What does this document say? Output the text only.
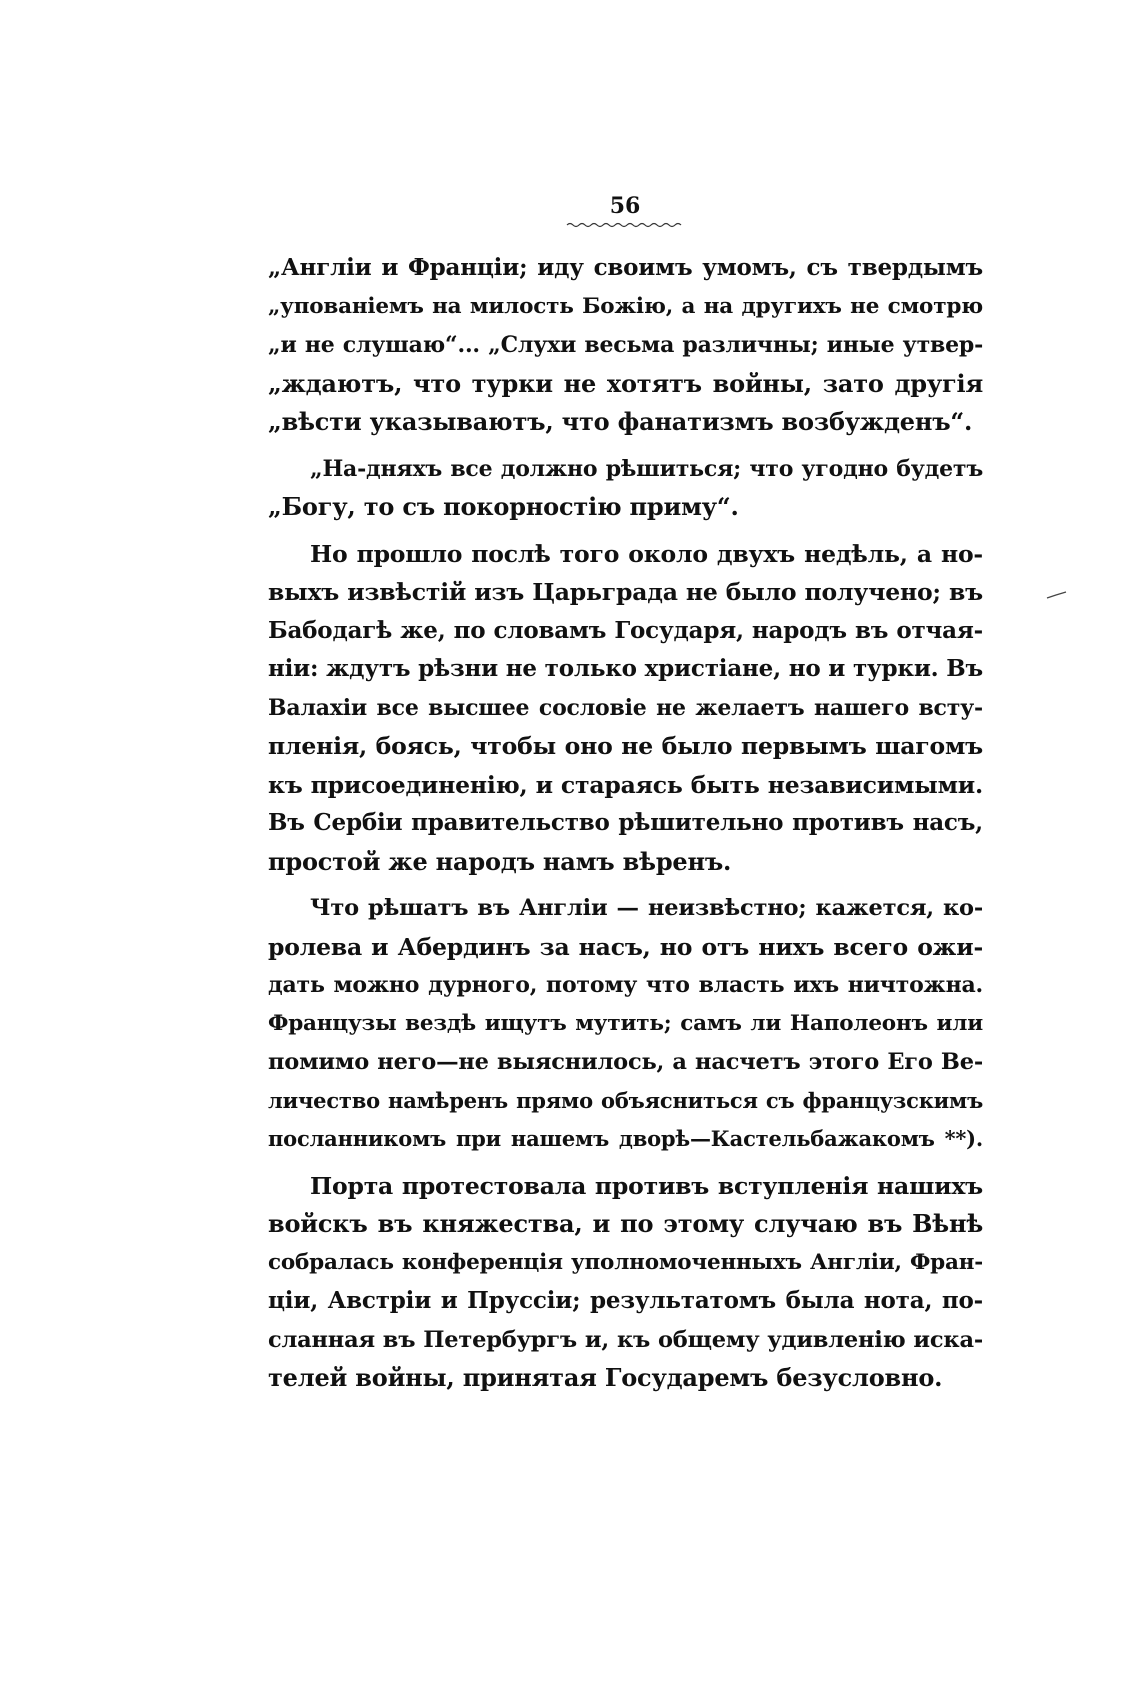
56
„Англіи и Франціи; иду своимъ умомъ, съ твердымъ
„упованіемъ на милость Божію, а на другихъ не смотрю
„и не слушаю“... „Слухи весьма различны; иные утвер-
„ждаютъ, что турки не хотятъ войны, зато другія
„вѣсти указываютъ, что фанатизмъ возбужденъ“.
„На-дняхъ все должно рѣшиться; что угодно будетъ
„Богу, то съ покорностію приму“.
Но прошло послѣ того около двухъ недѣль, а но-
выхъ извѣстій изъ Царьграда не было получено; въ
Бабодагѣ же, по словамъ Государя, народъ въ отчая-
ніи: ждутъ рѣзни не только христіане, но и турки. Въ
Валахіи все высшее сословіе не желаетъ нашего всту-
пленія, боясь, чтобы оно не было первымъ шагомъ
къ присоединенію, и стараясь быть независимыми.
Въ Сербіи правительство рѣшительно противъ насъ,
простой же народъ намъ вѣренъ.
Что рѣшатъ въ Англіи — неизвѣстно; кажется, ко-
ролева и Абердинъ за насъ, но отъ нихъ всего ожи-
дать можно дурного, потому что власть ихъ ничтожна.
Французы вездѣ ищутъ мутить; самъ ли Наполеонъ или
помимо него—не выяснилось, а насчетъ этого Его Ве-
личество намѣренъ прямо объясниться съ французскимъ
посланникомъ при нашемъ дворѣ—Кастельбажакомъ **).
Порта протестовала противъ вступленія нашихъ
войскъ въ княжества, и по этому случаю въ Вѣнѣ
собралась конференція уполномоченныхъ Англіи, Фран-
ціи, Австріи и Пруссіи; результатомъ была нота, по-
сланная въ Петербургъ и, къ общему удивленію иска-
телей войны, принятая Государемъ безусловно.
